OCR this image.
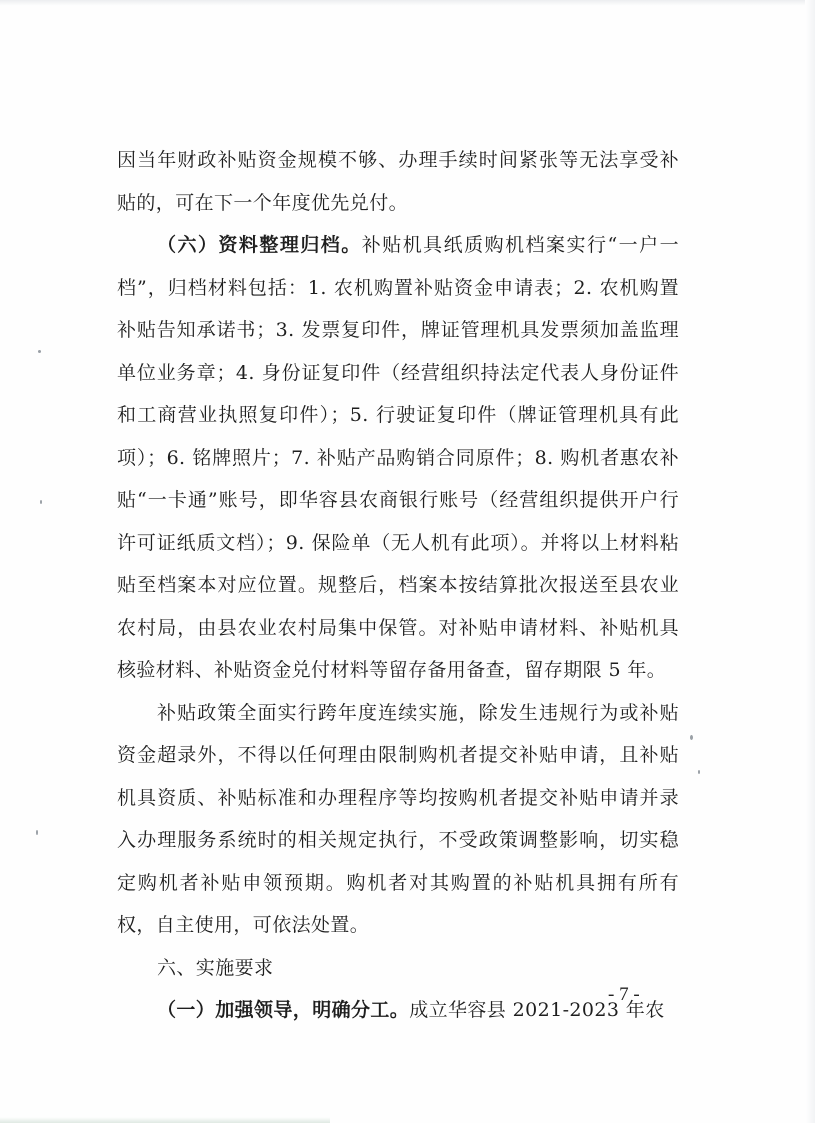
因当年财政补贴资金规模不够、办理手续时间紧张等无法享受补贴的，可在下一个年度优先兑付。

（六）资料整理归档。补贴机具纸质购机档案实行“一户一档”，归档材料包括：1. 农机购置补贴资金申请表；2. 农机购置补贴告知承诺书；3. 发票复印件，牌证管理机具发票须加盖监理单位业务章；4. 身份证复印件（经营组织持法定代表人身份证件和工商营业执照复印件）；5. 行驶证复印件（牌证管理机具有此项）；6. 铭牌照片；7. 补贴产品购销合同原件；8. 购机者惠农补贴“一卡通”账号，即华容县农商银行账号（经营组织提供开户行许可证纸质文档）；9. 保险单（无人机有此项）。并将以上材料粘贴至档案本对应位置。规整后，档案本按结算批次报送至县农业农村局，由县农业农村局集中保管。对补贴申请材料、补贴机具核验材料、补贴资金兑付材料等留存备用备查，留存期限 5 年。

补贴政策全面实行跨年度连续实施，除发生违规行为或补贴资金超录外，不得以任何理由限制购机者提交补贴申请，且补贴机具资质、补贴标准和办理程序等均按购机者提交补贴申请并录入办理服务系统时的相关规定执行，不受政策调整影响，切实稳定购机者补贴申领预期。购机者对其购置的补贴机具拥有所有权，自主使用，可依法处置。

六、实施要求

（一）加强领导，明确分工。成立华容县 2021-2023 年农

- 7 -
